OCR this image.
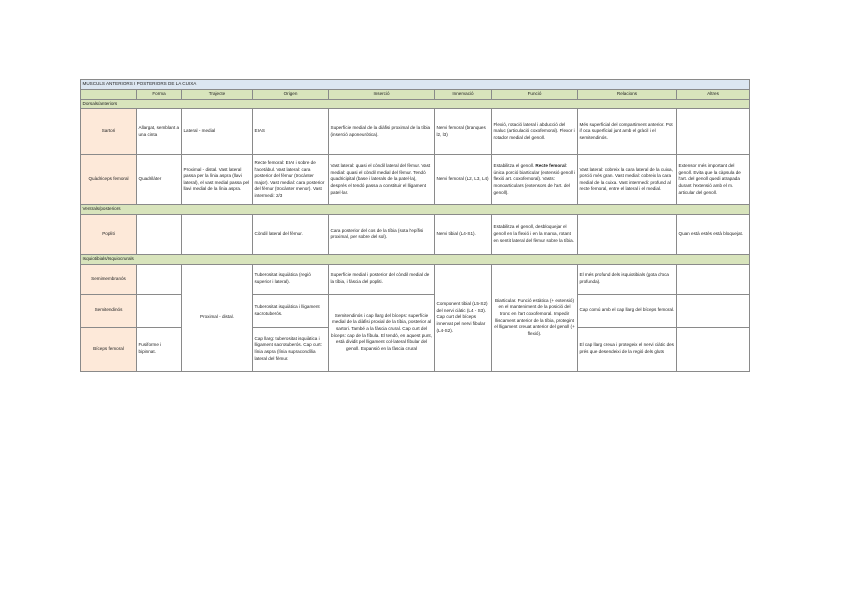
MUSCULS ANTERIORS I POSTERIORS DE LA CUIXA								
	Forma	Trajecte	Origen	Inserció	Innervació	Funció	Relacions	Altres
Dorsals/anteriors								
Sartori	Allargat, semblant a una cinta	Lateral - medial	EIAS	Superfície medial de la diàfisi proximal de la tíbia (inserció aponeuròtica).	Nervi femoral (branques l2, l3)	Flexió, rotació lateral i abducció del maluc (articulació coxofemoral). Flexor i rotador medial del genoll.	Més superficial del compartiment anterior. Pot if oca superficial junt amb el gràcil i el semitendinós.	
Quàdriceps femoral	Quadrilàter	Proximal - distal. Vast lateral passa per la línia aspra (llavi lateral), el vast medial passa pel llavi medial de la línia aspra.	Recte femoral: EIAI i sobre de l'acetàbul. Vast lateral: cara posterior del fèmur (trocànter major). Vast medial: cara posterior del fèmur (trocànter menor). Vast intermedi: 2/3	Vast lateral: quasi el còndil lateral del fèmur. Vast medial: quasi el còndil medial del fèmur. Tendó quadricipital (base i laterals de la patel·la), després el tendó passa a constituir el lligament patel·lar.	Nervi femoral (L2, L3, L4)	Estabilitza el genoll. Recte femoral: única porció biarticular (extensió genoll i flexió art. coxofemoral). Vasts: monoarticulars (extensors de l'art. del genoll).	Vast lateral: cobreix la cara lateral de la cuixa, porció més gran. Vast medial: cobreix la cara medial de la cuixa. Vast intermedi: profund al recte femoral, entre el lateral i el medial.	Extensor més important del genoll. Evita que la càpsula de l'art. del genoll quedi atrapada durant l'extensió amb el m. articular del genoll.
Ventrals/posteriors								
Popliti			Còndil lateral del fèmur.	Cara posterior del cos de la tíbia (sota l'epífisi proximal, per sobre del sol).	Nervi tibial (L4-S1).	Estabilitza el genoll, desbloquejar el genoll en la flexió i en la marxa, rotant en sentit lateral del fèmur sobre la tíbia.		Quan està estès està bloquejat.
Isquiotibials/Isquiocrurals								
Semimembranós		Proximal - distal.	Tuberositat isquiàtica (regió superior i lateral).	Superfície medial i posterior del còndil medial de la tíbia, i fàscia del popliti.	Component tibial (L5-S2) del nervi ciàtic (L4 - S3). Cap curt del bíceps innervat pel nervi fibular (L4-S2).	Biarticular. Funció estàtica (+ extensió) en el manteniment de la posició del tronc en l'art coxofemoral. Impedir lliscament anterior de la tíbia, protegint el lligament creuat anterior del genoll (+ flexió).	El més profund dels isquiotibials (gota d'oca profunda).	
Semitendinós			Tuberositat isquiàtica i lligament sacrotuberós.	Semitendinós i cap llarg del bíceps: superfície medial de la diàfisi proxial de la tíbia, posterior al sartori. També a la fàscia crural. Cap curt del bíceps: cap de la fíbula. El tendó, en aquest punt, està dividit pel lligament col·lateral fibular del genoll. Expansió en la fàscia crural			Cap comú amb el cap llarg del bíceps femoral.	
Bíceps femoral	Fusiforme i bipinnat.		Cap llarg: tuberositat isquiàtica i lligament sacrotuberós. Cap curt: línia aspra (línia supracondília lateral del fèmur.				El cap llarg creua i protegeix el nervi ciàtic des prés que desendeixi de la regió dels gluts	
